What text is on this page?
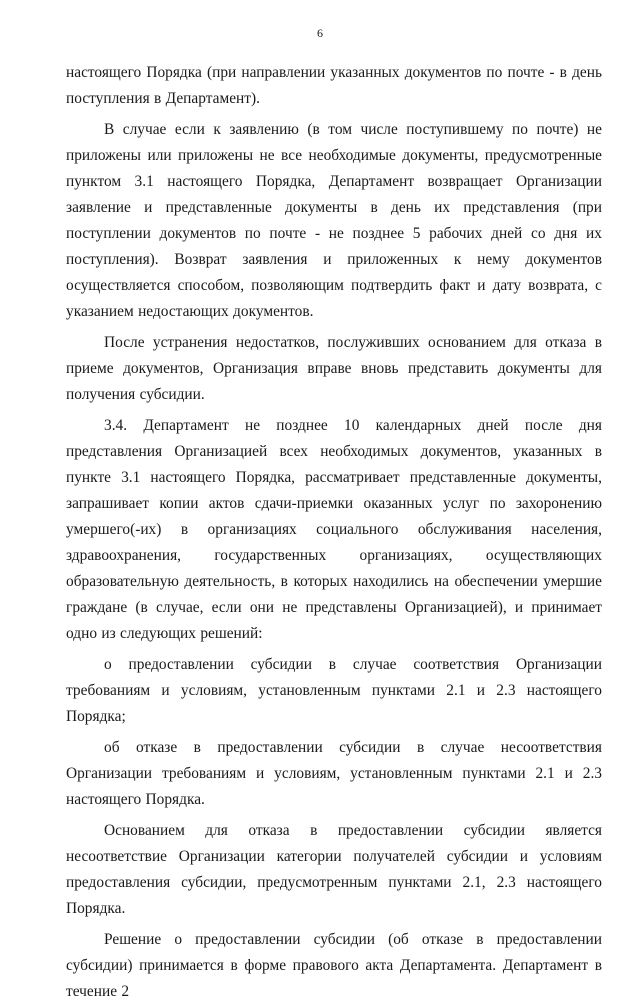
6

настоящего Порядка (при направлении указанных документов по почте - в день поступления в Департамент).

В случае если к заявлению (в том числе поступившему по почте) не приложены или приложены не все необходимые документы, предусмотренные пунктом 3.1 настоящего Порядка, Департамент возвращает Организации заявление и представленные документы в день их представления (при поступлении документов по почте - не позднее 5 рабочих дней со дня их поступления). Возврат заявления и приложенных к нему документов осуществляется способом, позволяющим подтвердить факт и дату возврата, с указанием недостающих документов.

После устранения недостатков, послуживших основанием для отказа в приеме документов, Организация вправе вновь представить документы для получения субсидии.

3.4. Департамент не позднее 10 календарных дней после дня представления Организацией всех необходимых документов, указанных в пункте 3.1 настоящего Порядка, рассматривает представленные документы, запрашивает копии актов сдачи-приемки оказанных услуг по захоронению умершего(-их) в организациях социального обслуживания населения, здравоохранения, государственных организациях, осуществляющих образовательную деятельность, в которых находились на обеспечении умершие граждане (в случае, если они не представлены Организацией), и принимает одно из следующих решений:

о предоставлении субсидии в случае соответствия Организации требованиям и условиям, установленным пунктами 2.1 и 2.3 настоящего Порядка;

об отказе в предоставлении субсидии в случае несоответствия Организации требованиям и условиям, установленным пунктами 2.1 и 2.3 настоящего Порядка.

Основанием для отказа в предоставлении субсидии является несоответствие Организации категории получателей субсидии и условиям предоставления субсидии, предусмотренным пунктами 2.1, 2.3 настоящего Порядка.

Решение о предоставлении субсидии (об отказе в предоставлении субсидии) принимается в форме правового акта Департамента. Департамент в течение 2
